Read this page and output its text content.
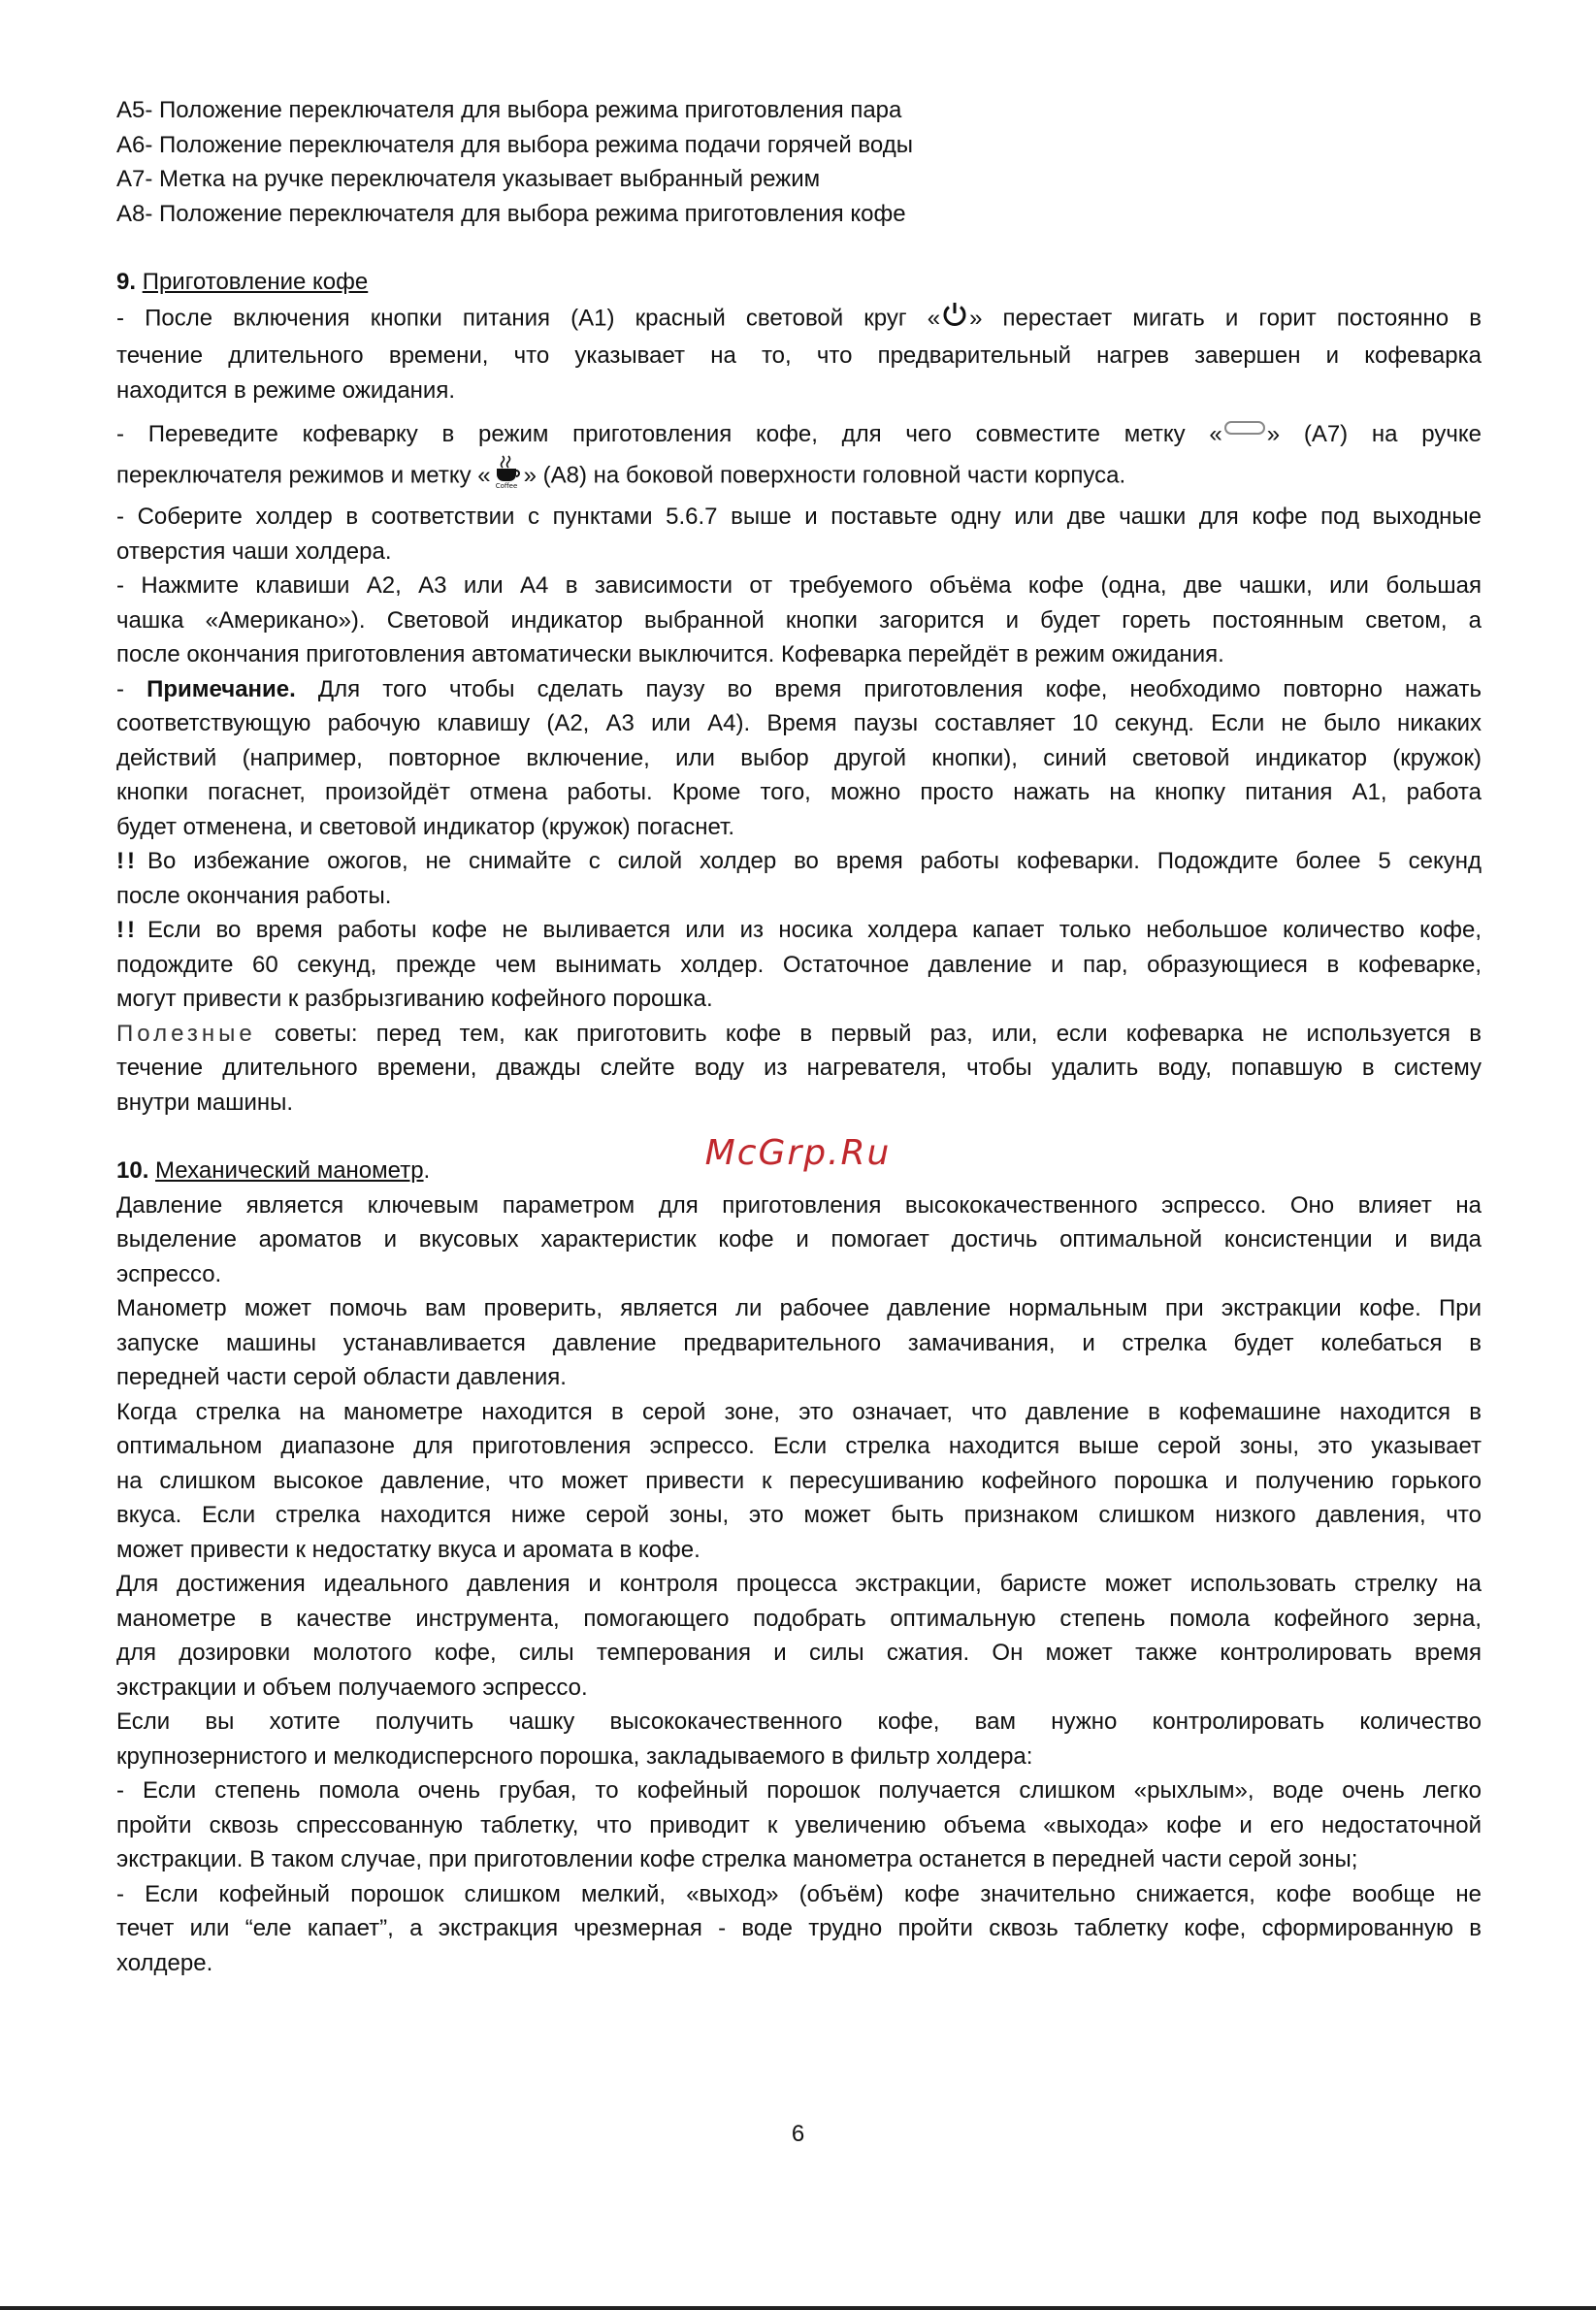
А5- Положение переключателя для выбора режима приготовления пара
А6- Положение переключателя для выбора режима подачи горячей воды
А7- Метка на ручке переключателя указывает выбранный режим
А8- Положение переключателя для выбора режима приготовления кофе
9. Приготовление кофе

- После включения кнопки питания (А1) красный световой круг « » перестает мигать и горит постоянно в
течение длительного времени, что указывает на то, что предварительный нагрев завершен и кофеварка
находится в режиме ожидания.

- Переведите кофеварку в режим приготовления кофе, для чего совместите метку « » (А7) на ручке
переключателя режимов и метку « Coffee » (А8) на боковой поверхности головной части корпуса.

- Соберите холдер в соответствии с пунктами 5.6.7 выше и поставьте одну или две чашки для кофе под выходные
отверстия чаши холдера.

- Нажмите клавиши А2, А3 или А4 в зависимости от требуемого объёма кофе (одна, две чашки, или большая
чашка «Американо»). Световой индикатор выбранной кнопки загорится и будет гореть постоянным светом, а
после окончания приготовления автоматически выключится. Кофеварка перейдёт в режим ожидания.

- Примечание. Для того чтобы сделать паузу во время приготовления кофе, необходимо повторно нажать
соответствующую рабочую клавишу (А2, А3 или А4). Время паузы составляет 10 секунд. Если не было никаких
действий (например, повторное включение, или выбор другой кнопки), синий световой индикатор (кружок)
кнопки погаснет, произойдёт отмена работы. Кроме того, можно просто нажать на кнопку питания А1, работа
будет отменена, и световой индикатор (кружок) погаснет.

!! Во избежание ожогов, не снимайте с силой холдер во время работы кофеварки. Подождите более 5 секунд
после окончания работы.

!! Если во время работы кофе не выливается или из носика холдера капает только небольшое количество кофе,
подождите 60 секунд, прежде чем вынимать холдер. Остаточное давление и пар, образующиеся в кофеварке,
могут привести к разбрызгиванию кофейного порошка.

Полезные советы: перед тем, как приготовить кофе в первый раз, или, если кофеварка не используется в
течение длительного времени, дважды слейте воду из нагревателя, чтобы удалить воду, попавшую в систему
внутри машины.

10. Механический манометр.

Давление является ключевым параметром для приготовления высококачественного эспрессо. Оно влияет на
выделение ароматов и вкусовых характеристик кофе и помогает достичь оптимальной консистенции и вида
эспрессо.

Манометр может помочь вам проверить, является ли рабочее давление нормальным при экстракции кофе. При
запуске машины устанавливается давление предварительного замачивания, и стрелка будет колебаться в
передней части серой области давления.

Когда стрелка на манометре находится в серой зоне, это означает, что давление в кофемашине находится в
оптимальном диапазоне для приготовления эспрессо. Если стрелка находится выше серой зоны, это указывает
на слишком высокое давление, что может привести к пересушиванию кофейного порошка и получению горького
вкуса. Если стрелка находится ниже серой зоны, это может быть признаком слишком низкого давления, что
может привести к недостатку вкуса и аромата в кофе.

Для достижения идеального давления и контроля процесса экстракции, баристе может использовать стрелку на
манометре в качестве инструмента, помогающего подобрать оптимальную степень помола кофейного зерна,
для дозировки молотого кофе, силы темперования и силы сжатия. Он может также контролировать время
экстракции и объем получаемого эспрессо.

Если вы хотите получить чашку высококачественного кофе, вам нужно контролировать количество
крупнозернистого и мелкодисперсного порошка, закладываемого в фильтр холдера:

- Если степень помола очень грубая, то кофейный порошок получается слишком «рыхлым», воде очень легко
пройти сквозь спрессованную таблетку, что приводит к увеличению объема «выхода» кофе и его недостаточной
экстракции. В таком случае, при приготовлении кофе стрелка манометра останется в передней части серой зоны;

- Если кофейный порошок слишком мелкий, «выход» (объём) кофе значительно снижается, кофе вообще не
течет или “еле капает”, а экстракция чрезмерная - воде трудно пройти сквозь таблетку кофе, сформированную в
холдере.

McGrp.Ru
6
